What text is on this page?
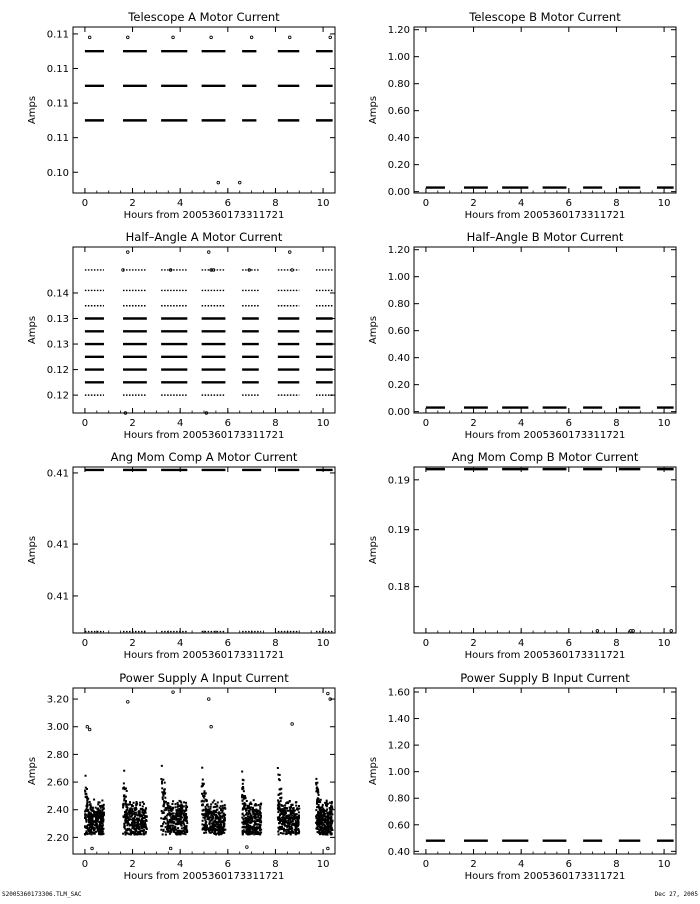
Telescope A Motor Current
0	2	4	6	8	10
0.10
0.11
0.11
0.11
0.11
Hours from 2005360173311721
Amps
Telescope B Motor Current
0	2	4	6	8	10
0.00
0.20
0.40
0.60
0.80
1.00
1.20
Hours from 2005360173311721
Amps
Half–Angle A Motor Current
0	2	4	6	8	10
0.12
0.12
0.13
0.13
0.14
Hours from 2005360173311721
Amps
Half–Angle B Motor Current
0	2	4	6	8	10
0.00
0.20
0.40
0.60
0.80
1.00
1.20
Hours from 2005360173311721
Amps
Ang Mom Comp A Motor Current
0	2	4	6	8	10
0.41
0.41
0.41
Hours from 2005360173311721
Amps
Ang Mom Comp B Motor Current
0	2	4	6	8	10
0.18
0.19
0.19
Hours from 2005360173311721
Amps
Power Supply A Input Current
0	2	4	6	8	10
2.20
2.40
2.60
2.80
3.00
3.20
Hours from 2005360173311721
Amps
Power Supply B Input Current
0	2	4	6	8	10
0.40
0.60
0.80
1.00
1.20
1.40
1.60
Hours from 2005360173311721
Amps
S2005360173306.TLM_SAC	Dec 27, 2005
